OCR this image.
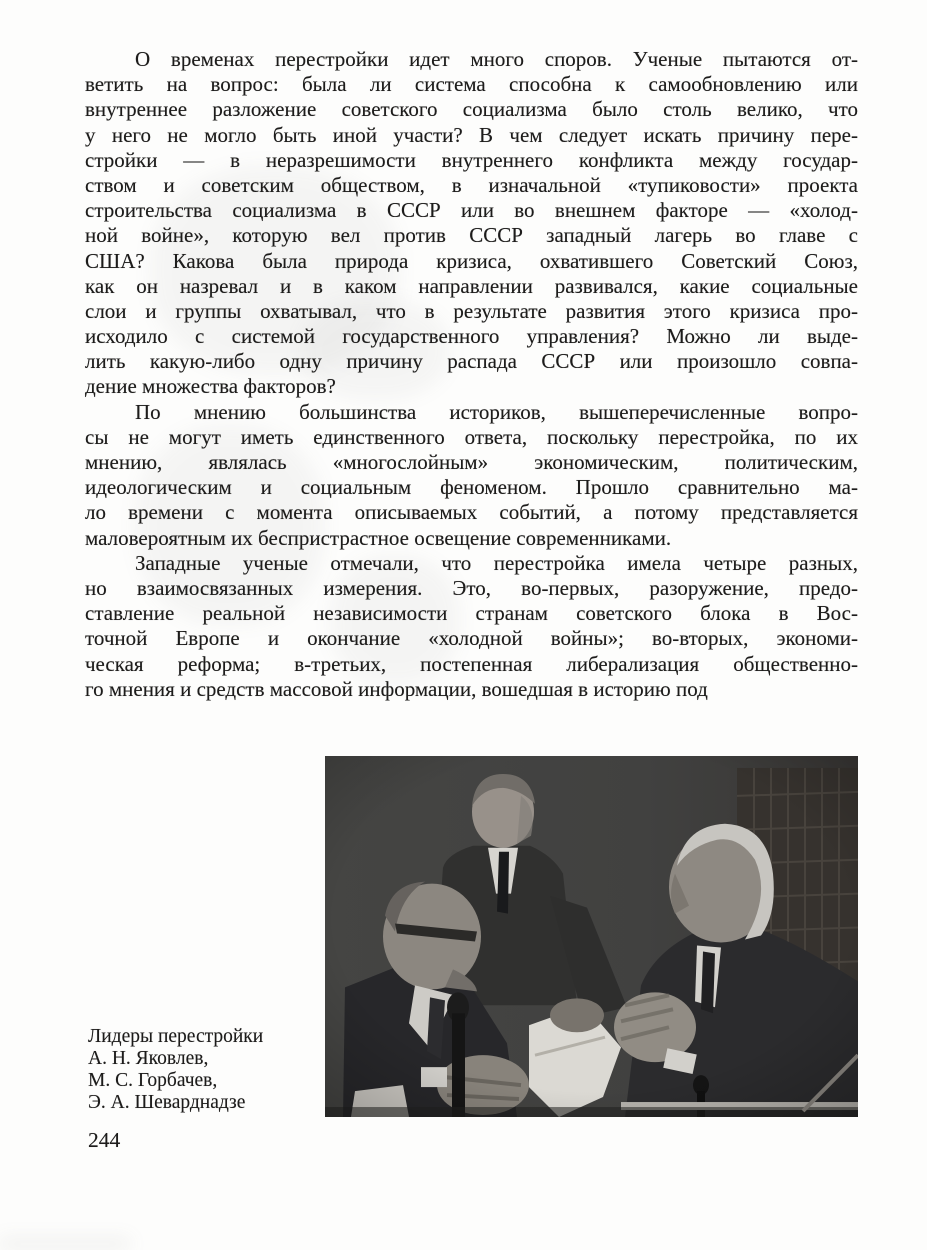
О временах перестройки идет много споров. Ученые пытаются от-
ветить на вопрос: была ли система способна к самообновлению или
внутреннее разложение советского социализма было столь велико, что
у него не могло быть иной участи? В чем следует искать причину пере-
стройки — в неразрешимости внутреннего конфликта между государ-
ством и советским обществом, в изначальной «тупиковости» проекта
строительства социализма в СССР или во внешнем факторе — «холод-
ной войне», которую вел против СССР западный лагерь во главе с
США? Какова была природа кризиса, охватившего Советский Союз,
как он назревал и в каком направлении развивался, какие социальные
слои и группы охватывал, что в результате развития этого кризиса про-
исходило с системой государственного управления? Можно ли выде-
лить какую-либо одну причину распада СССР или произошло совпа-
дение множества факторов?
По мнению большинства историков, вышеперечисленные вопро-
сы не могут иметь единственного ответа, поскольку перестройка, по их
мнению, являлась «многослойным» экономическим, политическим,
идеологическим и социальным феноменом. Прошло сравнительно ма-
ло времени с момента описываемых событий, а потому представляется
маловероятным их беспристрастное освещение современниками.
Западные ученые отмечали, что перестройка имела четыре разных,
но взаимосвязанных измерения. Это, во-первых, разоружение, предо-
ставление реальной независимости странам советского блока в Вос-
точной Европе и окончание «холодной войны»; во-вторых, экономи-
ческая реформа; в-третьих, постепенная либерализация общественно-
го мнения и средств массовой информации, вошедшая в историю под
Лидеры перестройки
А. Н. Яковлев,
М. С. Горбачев,
Э. А. Шеварднадзе
244
